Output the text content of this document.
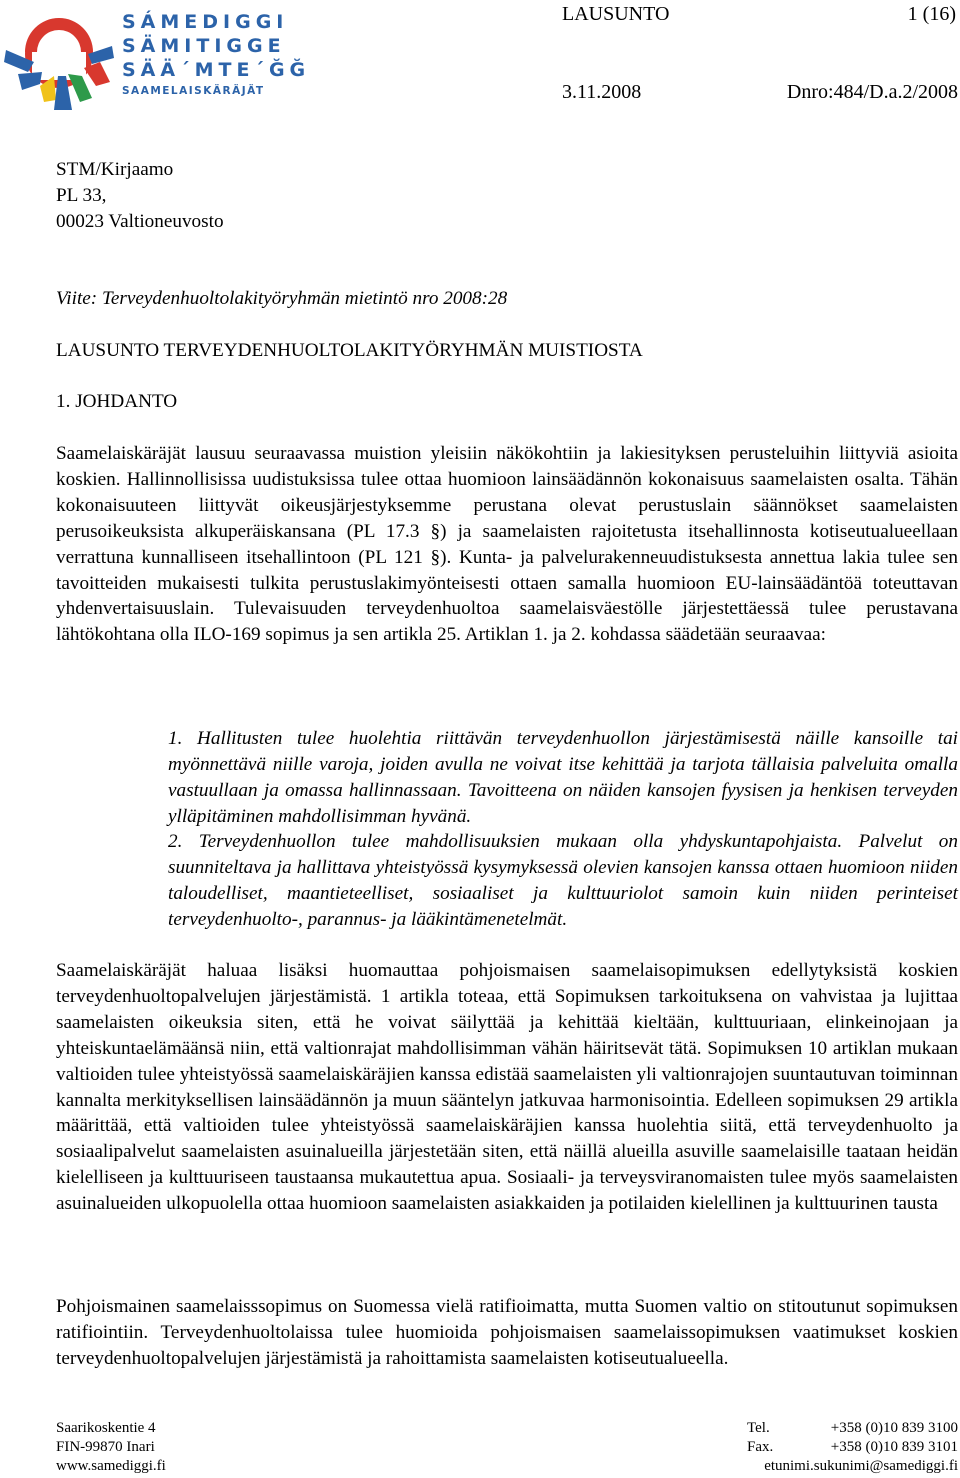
SÁMEDIGGI
SÄMITIGGE
SÄÄ´MTE´ĞĞ
SAAMELAISKÄRÄJÄT
LAUSUNTO	1 (16)
3.11.2008	Dnro:484/D.a.2/2008
STM/Kirjaamo
PL 33,
00023 Valtioneuvosto
Viite: Terveydenhuoltolakityöryhmän mietintö nro 2008:28
LAUSUNTO TERVEYDENHUOLTOLAKITYÖRYHMÄN MUISTIOSTA
1. JOHDANTO

Saamelaiskäräjät lausuu seuraavassa muistion yleisiin näkökohtiin ja lakiesityksen perusteluihin liittyviä asioita koskien. Hallinnollisissa uudistuksissa tulee ottaa huomioon lainsäädännön kokonaisuus saamelaisten osalta. Tähän kokonaisuuteen liittyvät oikeusjärjestyksemme perustana olevat perustuslain säännökset saamelaisten perusoikeuksista alkuperäiskansana (PL 17.3 §) ja saamelaisten rajoitetusta itsehallinnosta kotiseutualueellaan verrattuna kunnalliseen itsehallintoon (PL 121 §). Kunta- ja palvelurakenneuudistuksesta annettua lakia tulee sen tavoitteiden mukaisesti tulkita perustuslakimyönteisesti ottaen samalla huomioon EU-lainsäädäntöä toteuttavan yhdenvertaisuuslain. Tulevaisuuden terveydenhuoltoa saamelaisväestölle järjestettäessä tulee perustavana lähtökohtana olla ILO-169 sopimus ja sen artikla 25. Artiklan 1. ja 2. kohdassa säädetään seuraavaa:

1. Hallitusten tulee huolehtia riittävän terveydenhuollon järjestämisestä näille kansoille tai myönnettävä niille varoja, joiden avulla ne voivat itse kehittää ja tarjota tällaisia palveluita omalla vastuullaan ja omassa hallinnassaan. Tavoitteena on näiden kansojen fyysisen ja henkisen terveyden ylläpitäminen mahdollisimman hyvänä.

2. Terveydenhuollon tulee mahdollisuuksien mukaan olla yhdyskuntapohjaista. Palvelut on suunniteltava ja hallittava yhteistyössä kysymyksessä olevien kansojen kanssa ottaen huomioon niiden taloudelliset, maantieteelliset, sosiaaliset ja kulttuuriolot samoin kuin niiden perinteiset terveydenhuolto-, parannus- ja lääkintämenetelmät.

Saamelaiskäräjät haluaa lisäksi huomauttaa pohjoismaisen saamelaisopimuksen edellytyksistä koskien terveydenhuoltopalvelujen järjestämistä. 1 artikla toteaa, että Sopimuksen tarkoituksena on vahvistaa ja lujittaa saamelaisten oikeuksia siten, että he voivat säilyttää ja kehittää kieltään, kulttuuriaan, elinkeinojaan ja yhteiskuntaelämäänsä niin, että valtionrajat mahdollisimman vähän häiritsevät tätä. Sopimuksen 10 artiklan mukaan valtioiden tulee yhteistyössä saamelaiskäräjien kanssa edistää saamelaisten yli valtionrajojen suuntautuvan toiminnan kannalta merkityksellisen lainsäädännön ja muun sääntelyn jatkuvaa harmonisointia. Edelleen sopimuksen 29 artikla määrittää, että valtioiden tulee yhteistyössä saamelaiskäräjien kanssa huolehtia siitä, että terveydenhuolto ja sosiaalipalvelut saamelaisten asuinalueilla järjestetään siten, että näillä alueilla asuville saamelaisille taataan heidän kielelliseen ja kulttuuriseen taustaansa mukautettua apua. Sosiaali- ja terveysviranomaisten tulee myös saamelaisten asuinalueiden ulkopuolella ottaa huomioon saamelaisten asiakkaiden ja potilaiden kielellinen ja kulttuurinen tausta

Pohjoismainen saamelaisssopimus on Suomessa vielä ratifioimatta, mutta Suomen valtio on stitoutunut sopimuksen ratifiointiin. Terveydenhuoltolaissa tulee huomioida pohjoismaisen saamelaissopimuksen vaatimukset koskien terveydenhuoltopalvelujen järjestämistä ja rahoittamista saamelaisten kotiseutualueella.

Saarikoskentie 4
FIN-99870 Inari
www.samediggi.fi
Tel.	+358 (0)10 839 3100
Fax.	+358 (0)10 839 3101
etunimi.sukunimi@samediggi.fi
